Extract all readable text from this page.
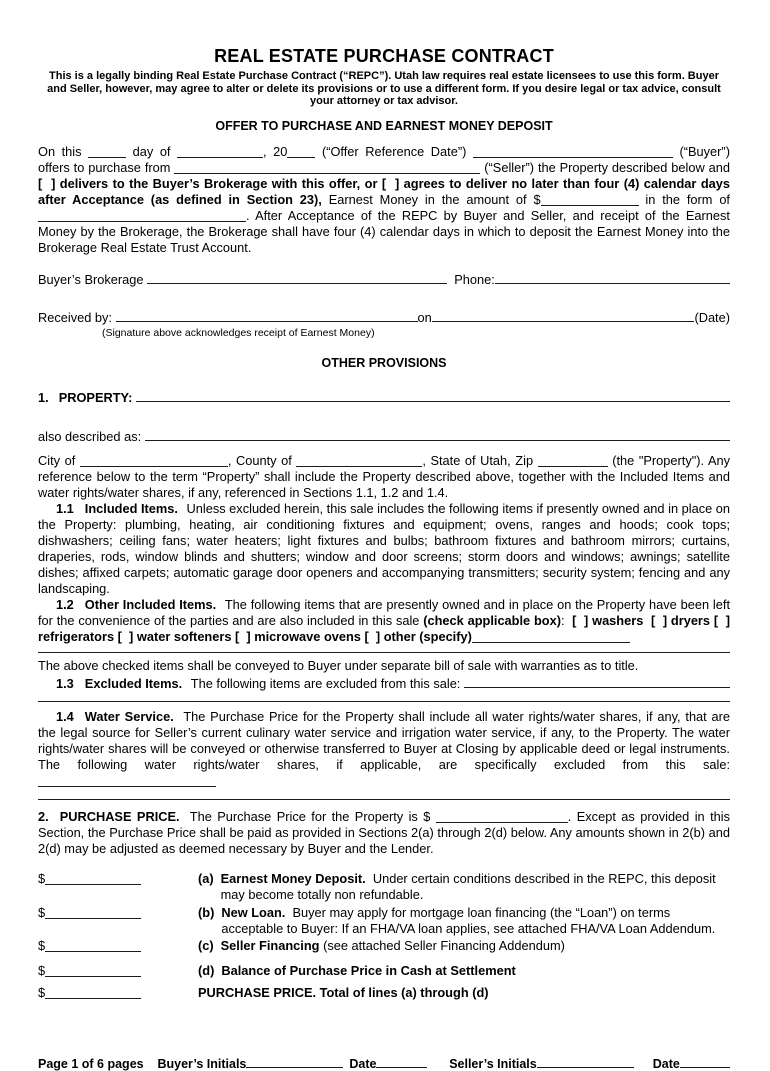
REAL ESTATE PURCHASE CONTRACT

This is a legally binding Real Estate Purchase Contract (“REPC”). Utah law requires real estate licensees to use this form. Buyer and Seller, however, may agree to alter or delete its provisions or to use a different form. If you desire legal or tax advice, consult your attorney or tax advisor.

OFFER TO PURCHASE AND EARNEST MONEY DEPOSIT

On this	day of	, 20	(“Offer Reference Date”)	(“Buyer”) offers to purchase from	(“Seller”) the Property described below and [  ] delivers to the Buyer’s Brokerage with this offer, or [  ] agrees to deliver no later than four (4) calendar days after Acceptance (as defined in Section 23), Earnest Money in the amount of $	in the form of. After Acceptance of the REPC by Buyer and Seller, and receipt of the Earnest Money by the Brokerage, the Brokerage shall have four (4) calendar days in which to deposit the Earnest Money into the Brokerage Real Estate Trust Account.

Buyer’s Brokerage

	Phone:
Received by:
	on	(Date)
(Signature above acknowledges receipt of Earnest Money)
OTHER PROVISIONS
1. PROPERTY:

also described as:

City of	, County of	, State of Utah, Zip	(the "Property"). Any reference below to the term “Property” shall include the Property described above, together with the Included Items and water rights/water shares, if any, referenced in Sections 1.1, 1.2 and 1.4.

1.1 Included Items. Unless excluded herein, this sale includes the following items if presently owned and in place on the Property: plumbing, heating, air conditioning fixtures and equipment; ovens, ranges and hoods; cook tops; dishwashers; ceiling fans; water heaters; light fixtures and bulbs; bathroom fixtures and bathroom mirrors; curtains, draperies, rods, window blinds and shutters; window and door screens; storm doors and windows; awnings; satellite dishes; affixed carpets; automatic garage door openers and accompanying transmitters; security system; fencing and any landscaping.

1.2 Other Included Items. The following items that are presently owned and in place on the Property have been left for the convenience of the parties and are also included in this sale (check applicable box): [  ] washers [  ] dryers [  ] refrigerators [  ] water softeners [  ] microwave ovens [  ] other (specify)

The above checked items shall be conveyed to Buyer under separate bill of sale with warranties as to title.

1.3 Excluded Items.
The following items are excluded from this sale:

1.4 Water Service. The Purchase Price for the Property shall include all water rights/water shares, if any, that are the legal source for Seller’s current culinary water service and irrigation water service, if any, to the Property. The water rights/water shares will be conveyed or otherwise transferred to Buyer at Closing by applicable deed or legal instruments. The following water rights/water shares, if applicable, are specifically excluded from this sale:

2. PURCHASE PRICE. The Purchase Price for the Property is $	. Except as provided in this Section, the Purchase Price shall be paid as provided in Sections 2(a) through 2(d) below. Any amounts shown in 2(b) and 2(d) may be adjusted as deemed necessary by Buyer and the Lender.

$	(a) Earnest Money Deposit. Under certain conditions described in the REPC, this deposit may become totally non refundable.
$	(b) New Loan. Buyer may apply for mortgage loan financing (the “Loan”) on terms acceptable to Buyer: If an FHA/VA loan applies, see attached FHA/VA Loan Addendum.
$	(c) Seller Financing (see attached Seller Financing Addendum)
$	(d) Balance of Purchase Price in Cash at Settlement
$	PURCHASE PRICE. Total of lines (a) through (d)
Page 1 of 6 pages Buyer’s Initials	Date	Seller’s Initials	Date
